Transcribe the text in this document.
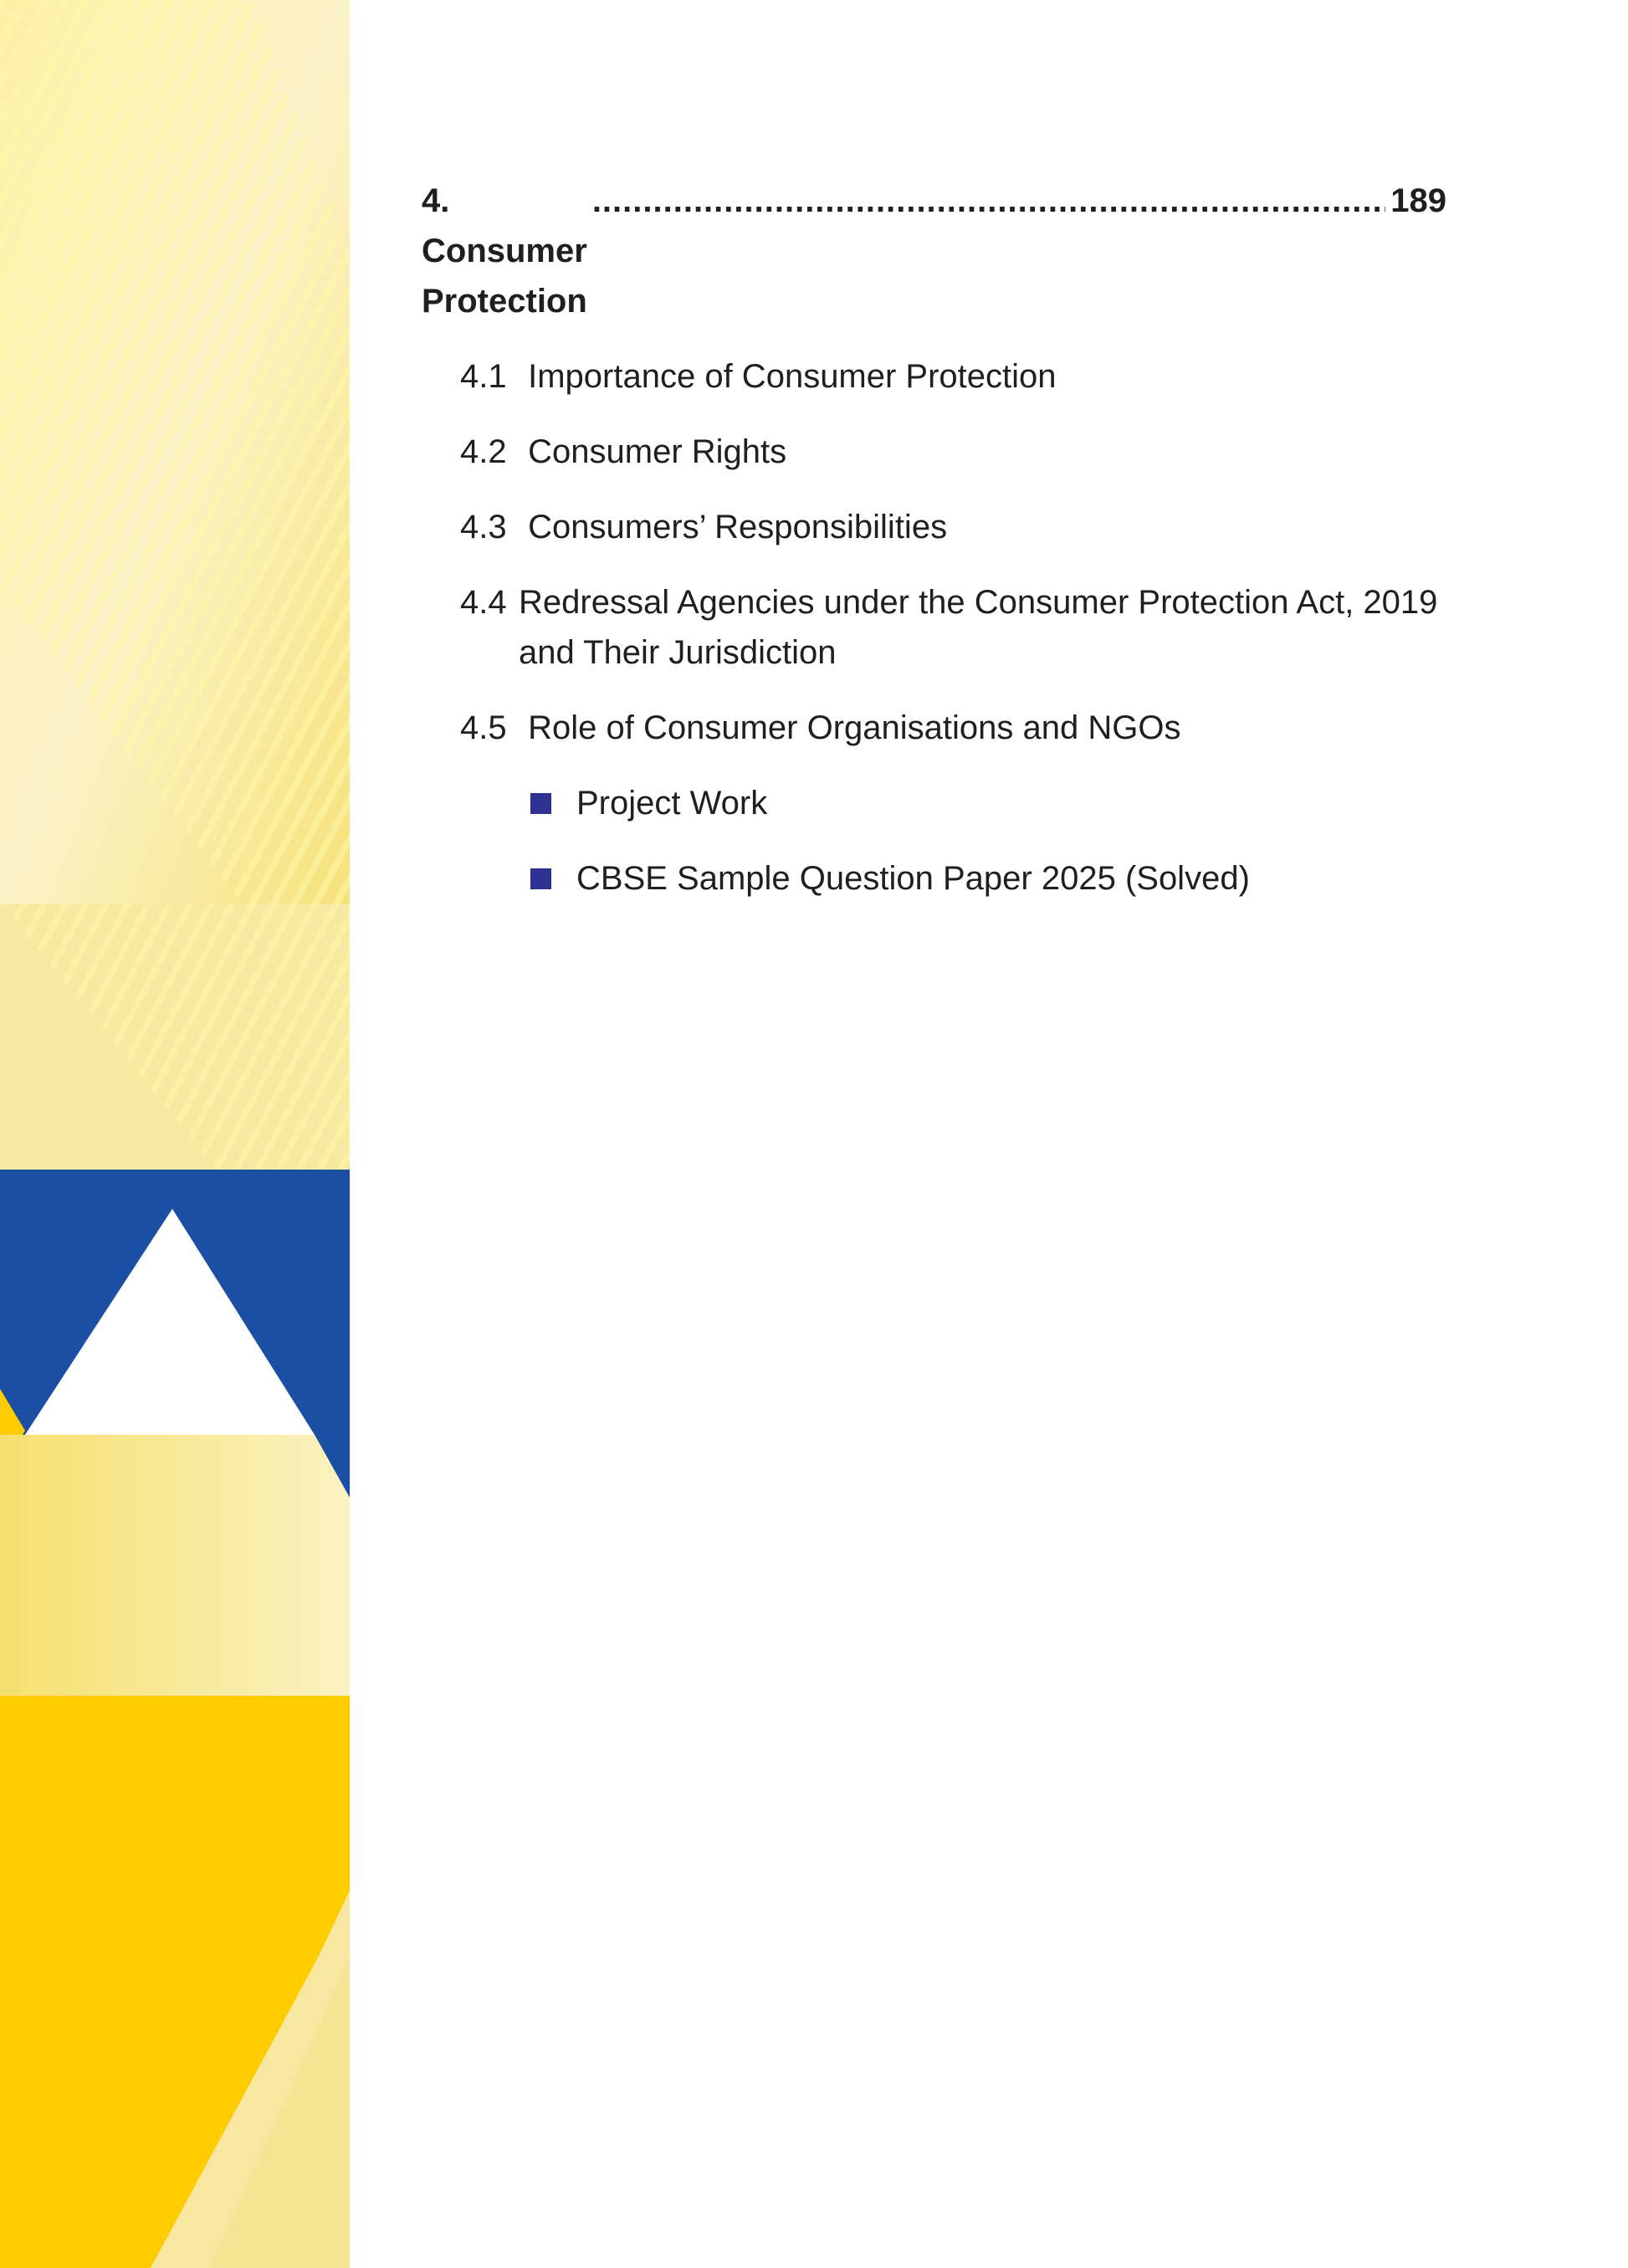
4. Consumer Protection
.....
189
4.1 Importance of Consumer Protection
4.2 Consumer Rights
4.3 Consumers’ Responsibilities
4.4 Redressal Agencies under the Consumer Protection Act, 2019 and Their Jurisdiction
4.5 Role of Consumer Organisations and NGOs
Project Work
CBSE Sample Question Paper 2025 (Solved)
